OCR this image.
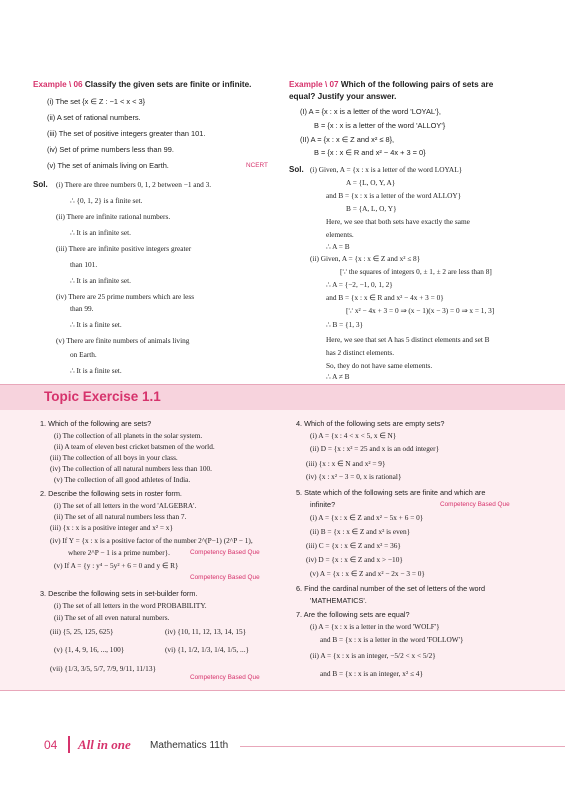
Example \ 06 Classify the given sets are finite or infinite.
(i) The set {x ∈ Z : −1 < x < 3}
(ii) A set of rational numbers.
(iii) The set of positive integers greater than 101.
(iv) Set of prime numbers less than 99.
(v) The set of animals living on Earth.	NCERT
Sol. (i) There are three numbers 0, 1, 2 between −1 and 3.
∴ {0, 1, 2} is a finite set.
(ii) There are infinite rational numbers.
∴ It is an infinite set.
(iii) There are infinite positive integers greater
than 101.
∴ It is an infinite set.
(iv) There are 25 prime numbers which are less
than 99.
∴ It is a finite set.
(v) There are finite numbers of animals living
on Earth.
∴ It is a finite set.
Example \ 07 Which of the following pairs of sets are
equal? Justify your answer.
(I) A = {x : x is a letter of the word 'LOYAL'},
B = {x : x is a letter of the word 'ALLOY'}
(II) A = {x : x ∈ Z and x² ≤ 8},
B = {x : x ∈ R and x² − 4x + 3 = 0}
Sol. (i) Given, A = {x : x is a letter of the word LOYAL}
A = {L, O, Y, A}
and B = {x : x is a letter of the word ALLOY}
B = {A, L, O, Y}
Here, we see that both sets have exactly the same
elements.
∴ A = B
(ii) Given, A = {x : x ∈ Z and x² ≤ 8}
[∵ the squares of integers 0, ± 1, ± 2 are less than 8]
∴ A = {−2, −1, 0, 1, 2}
and B = {x : x ∈ R and x² − 4x + 3 = 0}
[∵ x² − 4x + 3 = 0 ⇒ (x − 1)(x − 3) = 0 ⇒ x = 1, 3]
∴ B = {1, 3}
Here, we see that set A has 5 distinct elements and set B
has 2 distinct elements.
So, they do not have same elements.
∴ A ≠ B
Topic Exercise 1.1
1. Which of the following are sets?
(i) The collection of all planets in the solar system.
(ii) A team of eleven best cricket batsmen of the world.
(iii) The collection of all boys in your class.
(iv) The collection of all natural numbers less than 100.
(v) The collection of all good athletes of India.
2. Describe the following sets in roster form.
(i) The set of all letters in the word 'ALGEBRA'.
(ii) The set of all natural numbers less than 7.
(iii) {x : x is a positive integer and x² = x}
(iv) If Y = {x : x is a positive factor of the number 2^(P−1) (2^P − 1),
where 2^P − 1 is a prime number}.	Competency Based Que
(v) If A = {y : y⁴ − 5y² + 6 = 0 and y ∈ R}
Competency Based Que
3. Describe the following sets in set-builder form.
(i) The set of all letters in the word PROBABILITY.
(ii) The set of all even natural numbers.
(iii) {5, 25, 125, 625}	(iv) {10, 11, 12, 13, 14, 15}
(v) {1, 4, 9, 16, ..., 100}	(vi) {1, 1/2, 1/3, 1/4, 1/5, ...}
(vii) {1/3, 3/5, 5/7, 7/9, 9/11, 11/13}
Competency Based Que
4. Which of the following sets are empty sets?
(i) A = {x : 4 < x < 5, x ∈ N}
(ii) D = {x : x² = 25 and x is an odd integer}
(iii) {x : x ∈ N and x² = 9}
(iv) {x : x² − 3 = 0, x is rational}
5. State which of the following sets are finite and which are
infinite?	Competency Based Que
(i) A = {x : x ∈ Z and x² − 5x + 6 = 0}
(ii) B = {x : x ∈ Z and x² is even}
(iii) C = {x : x ∈ Z and x² = 36}
(iv) D = {x : x ∈ Z and x > −10}
(v) A = {x : x ∈ Z and x² − 2x − 3 = 0}
6. Find the cardinal number of the set of letters of the word
'MATHEMATICS'.
7. Are the following sets are equal?
(i) A = {x : x is a letter in the word 'WOLF'}
and B = {x : x is a letter in the word 'FOLLOW'}
(ii) A = {x : x is an integer, −5/2 < x < 5/2}
and B = {x : x is an integer, x² ≤ 4}
04 All in one Mathematics 11th
